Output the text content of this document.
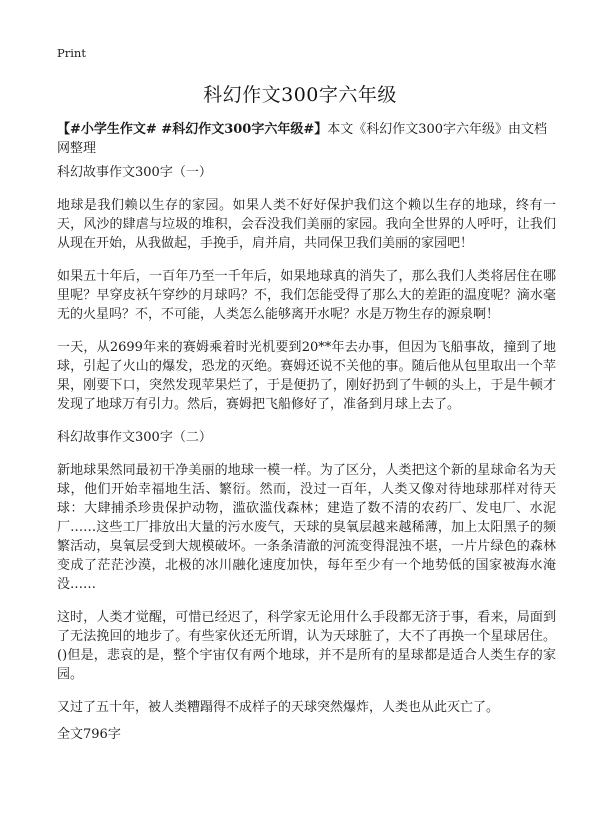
Print
科幻作文300字六年级
【#小学生作文# #科幻作文300字六年级#】本文《科幻作文300字六年级》由文档网整理

科幻故事作文300字（一）

地球是我们赖以生存的家园。如果人类不好好保护我们这个赖以生存的地球，终有一天，风沙的肆虐与垃圾的堆积，会吞没我们美丽的家园。我向全世界的人呼吁，让我们从现在开始，从我做起，手挽手，肩并肩，共同保卫我们美丽的家园吧！

如果五十年后，一百年乃至一千年后，如果地球真的消失了，那么我们人类将居住在哪里呢？早穿皮袄午穿纱的月球吗？不，我们怎能受得了那么大的差距的温度呢？滴水毫无的火星吗？不，不可能，人类怎么能够离开水呢？水是万物生存的源泉啊！

一天，从2699年来的赛姆乘着时光机要到20**年去办事，但因为飞船事故，撞到了地球，引起了火山的爆发，恐龙的灭绝。赛姆还说不关他的事。随后他从包里取出一个苹果，刚要下口，突然发现苹果烂了，于是便扔了，刚好扔到了牛顿的头上，于是牛顿才发现了地球万有引力。然后，赛姆把飞船修好了，准备到月球上去了。

科幻故事作文300字（二）

新地球果然同最初干净美丽的地球一模一样。为了区分，人类把这个新的星球命名为天球，他们开始幸福地生活、繁衍。然而，没过一百年，人类又像对待地球那样对待天球：大肆捕杀珍贵保护动物，滥砍滥伐森林；建造了数不清的农药厂、发电厂、水泥厂……这些工厂排放出大量的污水废气，天球的臭氧层越来越稀薄，加上太阳黑子的频繁活动，臭氧层受到大规模破坏。一条条清澈的河流变得混浊不堪，一片片绿色的森林变成了茫茫沙漠，北极的冰川融化速度加快，每年至少有一个地势低的国家被海水淹没……

这时，人类才觉醒，可惜已经迟了，科学家无论用什么手段都无济于事，看来，局面到了无法挽回的地步了。有些家伙还无所谓，认为天球脏了，大不了再换一个星球居住。()但是，悲哀的是，整个宇宙仅有两个地球，并不是所有的星球都是适合人类生存的家园。

又过了五十年，被人类糟蹋得不成样子的天球突然爆炸，人类也从此灭亡了。

全文796字
